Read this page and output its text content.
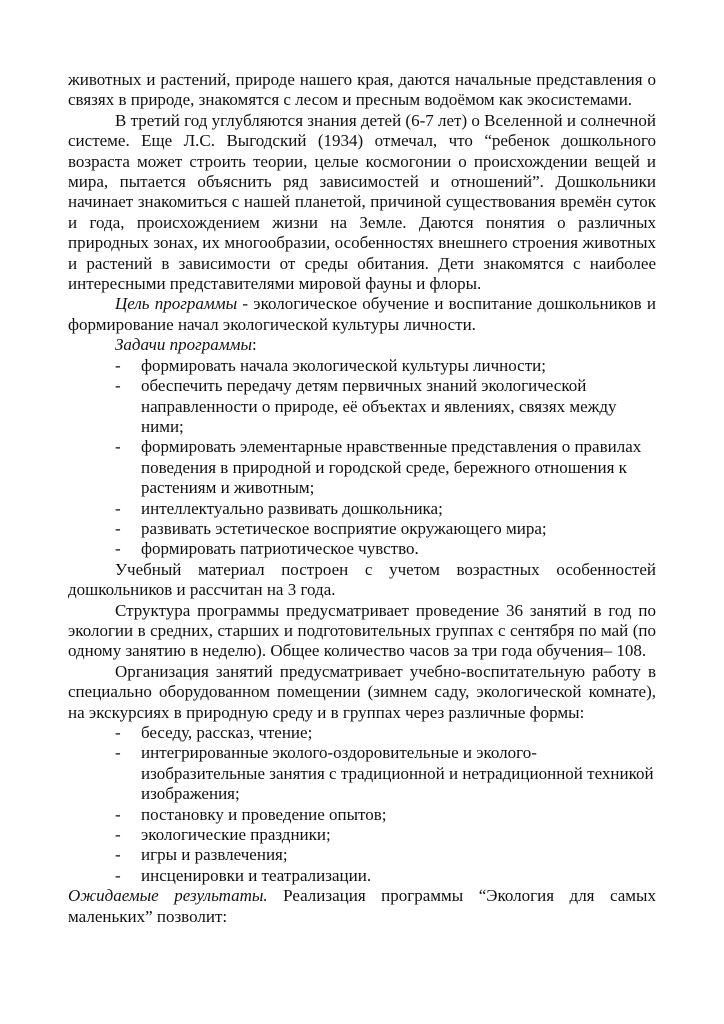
животных и растений, природе нашего края, даются начальные представления о связях в природе, знакомятся с лесом и пресным водоёмом как экосистемами.

В третий год углубляются знания детей (6-7 лет) о Вселенной и солнечной системе. Еще Л.С. Выгодский (1934) отмечал, что “ребенок дошкольного возраста может строить теории, целые космогонии о происхождении вещей и мира, пытается объяснить ряд зависимостей и отношений”. Дошкольники начинает знакомиться с нашей планетой, причиной существования времён суток и года, происхождением жизни на Земле. Даются понятия о различных природных зонах, их многообразии, особенностях внешнего строения животных и растений в зависимости от среды обитания. Дети знакомятся с наиболее интересными представителями мировой фауны и флоры.

Цель программы - экологическое обучение и воспитание дошкольников и формирование начал экологической культуры личности.

Задачи программы:

- формировать начала экологической культуры личности;
- обеспечить передачу детям первичных знаний экологической направленности о природе, её объектах и явлениях, связях между ними;
- формировать элементарные нравственные представления о правилах поведения в природной и городской среде, бережного отношения к растениям и животным;
- интеллектуально развивать дошкольника;
- развивать эстетическое восприятие окружающего мира;
- формировать патриотическое чувство.

Учебный материал построен с учетом возрастных особенностей дошкольников и рассчитан на 3 года.

Структура программы предусматривает проведение 36 занятий в год по экологии в средних, старших и подготовительных группах с сентября по май (по одному занятию в неделю). Общее количество часов за три года обучения– 108.

Организация занятий предусматривает учебно-воспитательную работу в специально оборудованном помещении (зимнем саду, экологической комнате), на экскурсиях в природную среду и в группах через различные формы:

- беседу, рассказ, чтение;
- интегрированные эколого-оздоровительные и эколого-изобразительные занятия с традиционной и нетрадиционной техникой изображения;
- постановку и проведение опытов;
- экологические праздники;
- игры и развлечения;
- инсценировки и театрализации.

Ожидаемые результаты. Реализация программы “Экология для самых маленьких” позволит:
